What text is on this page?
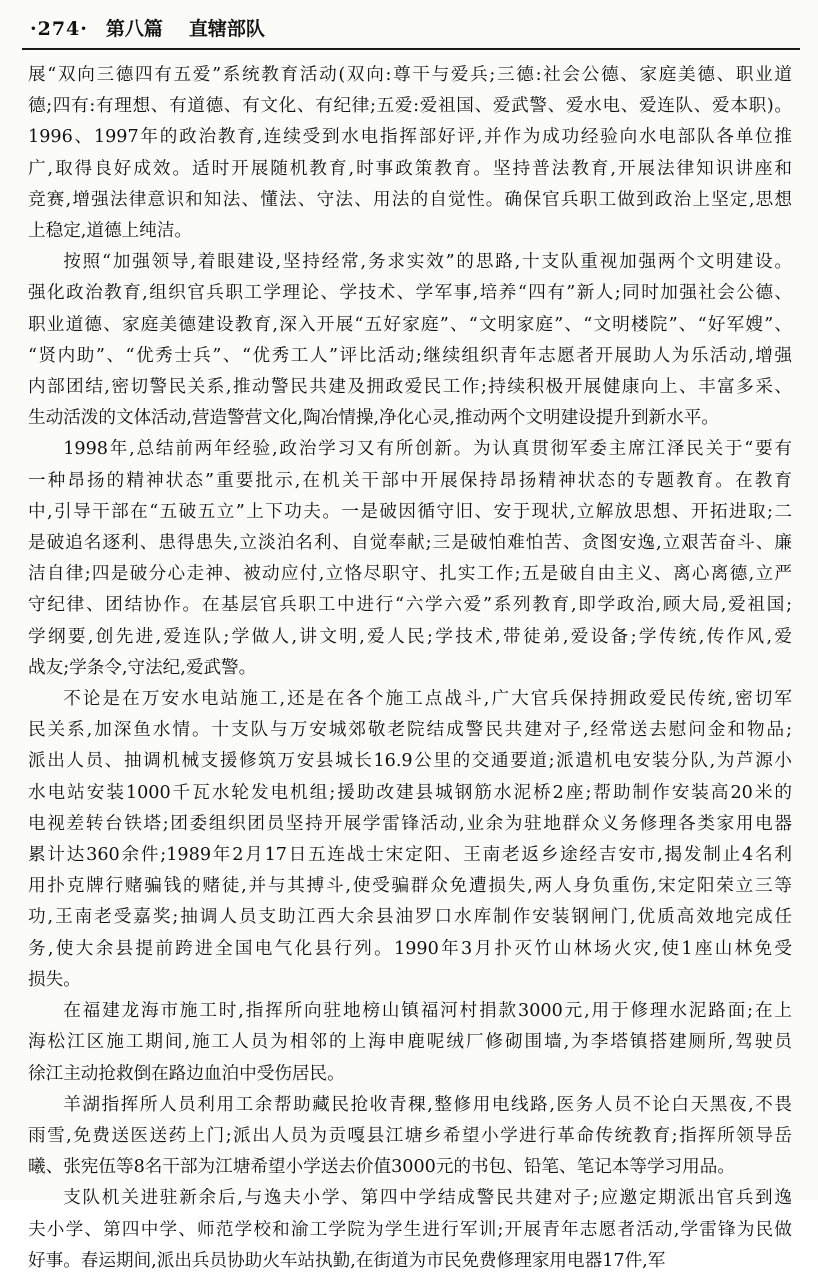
·274· 第八篇 直辖部队

展“双向三德四有五爱”系统教育活动(双向:尊干与爱兵;三德:社会公德、家庭美德、职业道

德;四有:有理想、有道德、有文化、有纪律;五爱:爱祖国、爱武警、爱水电、爱连队、爱本职)。

1996、1997年的政治教育,连续受到水电指挥部好评,并作为成功经验向水电部队各单位推

广,取得良好成效。适时开展随机教育,时事政策教育。坚持普法教育,开展法律知识讲座和

竞赛,增强法律意识和知法、懂法、守法、用法的自觉性。确保官兵职工做到政治上坚定,思想

上稳定,道德上纯洁。

按照“加强领导,着眼建设,坚持经常,务求实效”的思路,十支队重视加强两个文明建设。

强化政治教育,组织官兵职工学理论、学技术、学军事,培养“四有”新人;同时加强社会公德、

职业道德、家庭美德建设教育,深入开展“五好家庭”、“文明家庭”、“文明楼院”、“好军嫂”、

“贤内助”、“优秀士兵”、“优秀工人”评比活动;继续组织青年志愿者开展助人为乐活动,增强

内部团结,密切警民关系,推动警民共建及拥政爱民工作;持续积极开展健康向上、丰富多采、

生动活泼的文体活动,营造警营文化,陶冶情操,净化心灵,推动两个文明建设提升到新水平。

1998年,总结前两年经验,政治学习又有所创新。为认真贯彻军委主席江泽民关于“要有

一种昂扬的精神状态”重要批示,在机关干部中开展保持昂扬精神状态的专题教育。在教育

中,引导干部在“五破五立”上下功夫。一是破因循守旧、安于现状,立解放思想、开拓进取;二

是破追名逐利、患得患失,立淡泊名利、自觉奉献;三是破怕难怕苦、贪图安逸,立艰苦奋斗、廉

洁自律;四是破分心走神、被动应付,立恪尽职守、扎实工作;五是破自由主义、离心离德,立严

守纪律、团结协作。在基层官兵职工中进行“六学六爱”系列教育,即学政治,顾大局,爱祖国;

学纲要,创先进,爱连队;学做人,讲文明,爱人民;学技术,带徒弟,爱设备;学传统,传作风,爱

战友;学条令,守法纪,爱武警。

不论是在万安水电站施工,还是在各个施工点战斗,广大官兵保持拥政爱民传统,密切军

民关系,加深鱼水情。十支队与万安城郊敬老院结成警民共建对子,经常送去慰问金和物品;

派出人员、抽调机械支援修筑万安县城长16.9公里的交通要道;派遣机电安装分队,为芦源小

水电站安装1000千瓦水轮发电机组;援助改建县城钢筋水泥桥2座;帮助制作安装高20米的

电视差转台铁塔;团委组织团员坚持开展学雷锋活动,业余为驻地群众义务修理各类家用电器

累计达360余件;1989年2月17日五连战士宋定阳、王南老返乡途经吉安市,揭发制止4名利

用扑克牌行赌骗钱的赌徒,并与其搏斗,使受骗群众免遭损失,两人身负重伤,宋定阳荣立三等

功,王南老受嘉奖;抽调人员支助江西大余县油罗口水库制作安装钢闸门,优质高效地完成任

务,使大余县提前跨进全国电气化县行列。1990年3月扑灭竹山林场火灾,使1座山林免受

损失。

在福建龙海市施工时,指挥所向驻地榜山镇福河村捐款3000元,用于修理水泥路面;在上

海松江区施工期间,施工人员为相邻的上海申鹿呢绒厂修砌围墙,为李塔镇搭建厕所,驾驶员

徐江主动抢救倒在路边血泊中受伤居民。

羊湖指挥所人员利用工余帮助藏民抢收青稞,整修用电线路,医务人员不论白天黑夜,不畏

雨雪,免费送医送药上门;派出人员为贡嘎县江塘乡希望小学进行革命传统教育;指挥所领导岳

曦、张宪伍等8名干部为江塘希望小学送去价值3000元的书包、铅笔、笔记本等学习用品。

支队机关进驻新余后,与逸夫小学、第四中学结成警民共建对子;应邀定期派出官兵到逸

夫小学、第四中学、师范学校和渝工学院为学生进行军训;开展青年志愿者活动,学雷锋为民做

好事。春运期间,派出兵员协助火车站执勤,在街道为市民免费修理家用电器17件,军
